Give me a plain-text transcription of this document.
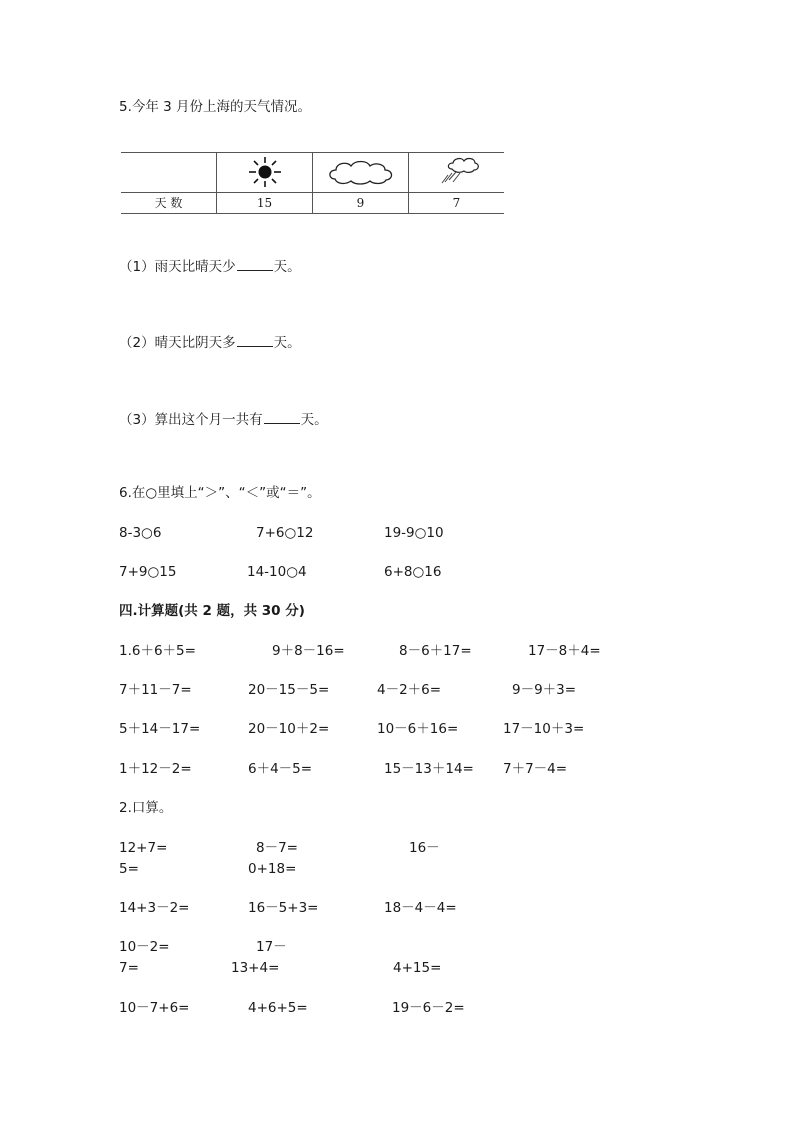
5.今年 3 月份上海的天气情况。
天 数	15	9	7
（1）雨天比晴天少	天。
（2）晴天比阴天多	天。
（3）算出这个月一共有	天。
6.在○里填上“＞”、“＜”或“＝”。
8-3○6	7+6○12	19-9○10
7+9○15	14-10○4	6+8○16
四.计算题(共 2 题，共 30 分)
1.6＋6＋5=	9＋8－16=	8－6＋17=	17－8＋4=
7＋11－7=	20－15－5=	4－2＋6=	9－9＋3=
5＋14－17=	20－10＋2=	10－6＋16=	17－10＋3=
1＋12－2=	6＋4－5=	15－13＋14= 7＋7－4=
2.口算。
12+7=	8－7=	16－
5=	0+18=
14+3－2=	16－5+3=	18－4－4=
10－2=	17－
7=	13+4=	4+15=
10－7+6=	4+6+5=	19－6－2=
